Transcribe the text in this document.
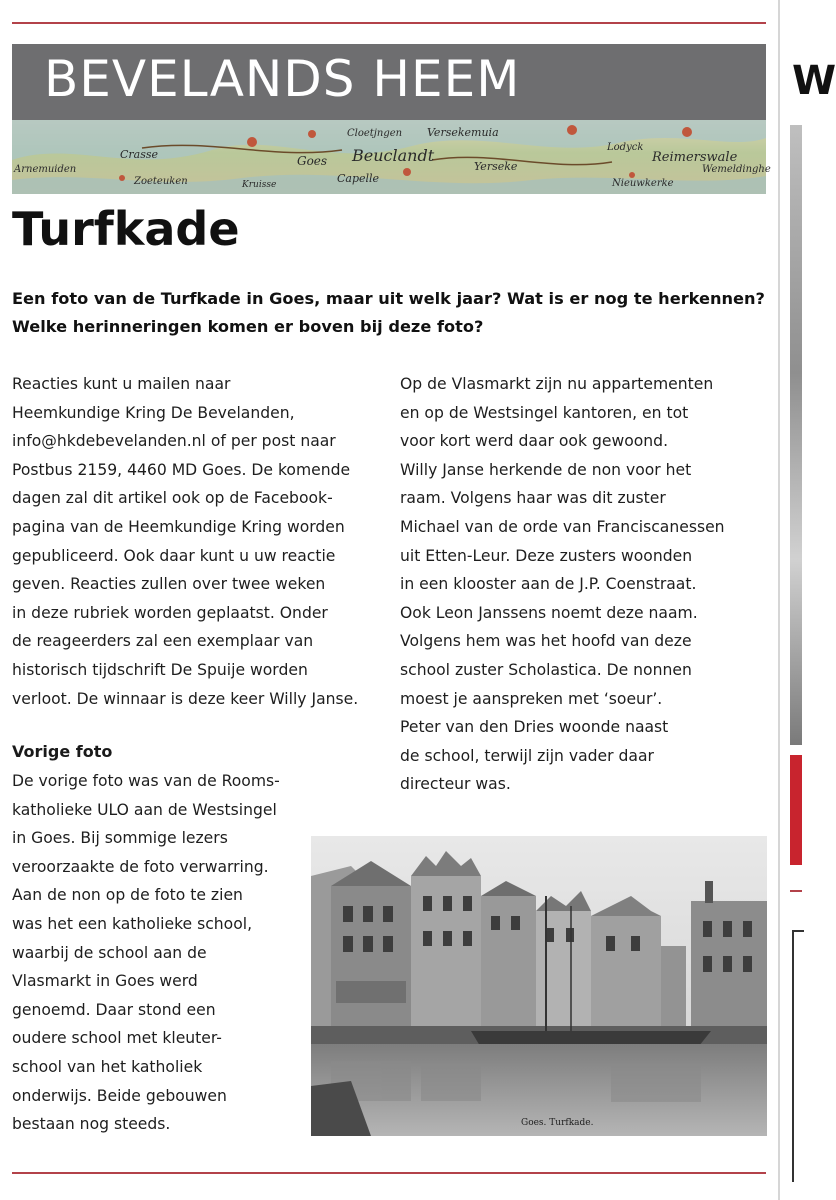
BEVELANDS HEEM
Arnemuiden
Crasse
Zoeteuken
Goes
Cloetjngen Versekemuia
Beuclandt
Yerseke
Capelle
Lodyck
Reimerswale
Wemeldinghe
Nieuwkerke
Kruisse
Turfkade
Een foto van de Turfkade in Goes, maar uit welk jaar? Wat is er nog te herkennen?
Welke herinneringen komen er boven bij deze foto?
Reacties kunt u mailen naar
Heemkundige Kring De Bevelanden,
info@hkdebevelanden.nl of per post naar
Postbus 2159, 4460 MD Goes. De komende
dagen zal dit artikel ook op de Facebook-
pagina van de Heemkundige Kring worden
gepubliceerd. Ook daar kunt u uw reactie
geven. Reacties zullen over twee weken
in deze rubriek worden geplaatst. Onder
de reageerders zal een exemplaar van
historisch tijdschrift De Spuije worden
verloot. De winnaar is deze keer Willy Janse.
Vorige foto
De vorige foto was van de Rooms-
katholieke ULO aan de Westsingel
in Goes. Bij sommige lezers
veroorzaakte de foto verwarring.
Aan de non op de foto te zien
was het een katholieke school,
waarbij de school aan de
Vlasmarkt in Goes werd
genoemd. Daar stond een
oudere school met kleuter-
school van het katholiek
onderwijs. Beide gebouwen
bestaan nog steeds.
Op de Vlasmarkt zijn nu appartementen
en op de Westsingel kantoren, en tot
voor kort werd daar ook gewoond.
Willy Janse herkende de non voor het
raam. Volgens haar was dit zuster
Michael van de orde van Franciscanessen
uit Etten-Leur. Deze zusters woonden
in een klooster aan de J.P. Coenstraat.
Ook Leon Janssens noemt deze naam.
Volgens hem was het hoofd van deze
school zuster Scholastica. De nonnen
moest je aanspreken met ‘soeur’.
Peter van den Dries woonde naast
de school, terwijl zijn vader daar
directeur was.
Goes. Turfkade.
W
